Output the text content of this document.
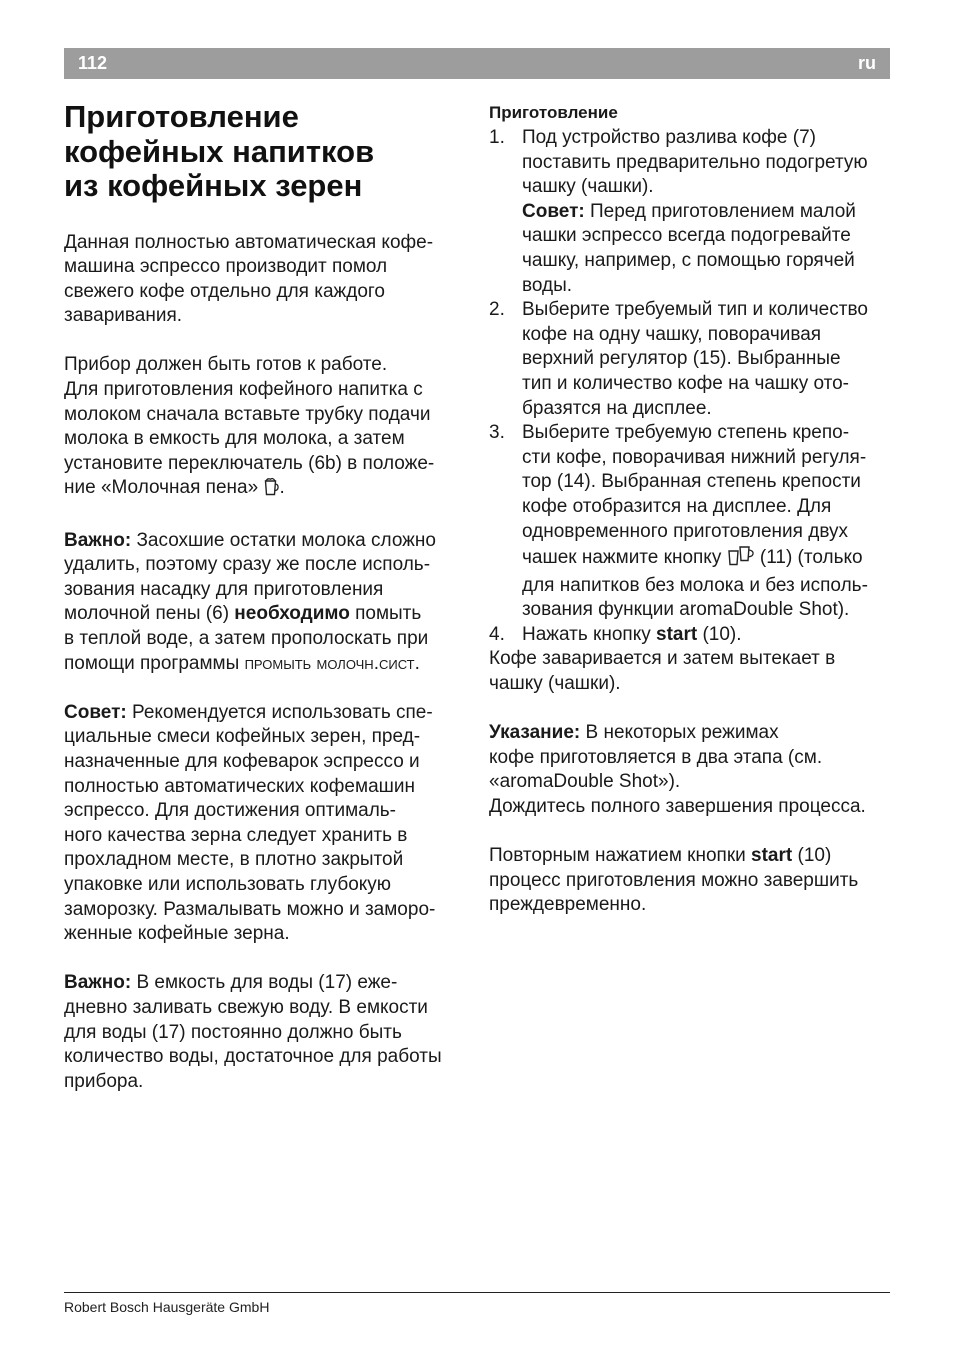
112	ru
Приготовление
кофейных напитков
из кофейных зерен
Данная полностью автоматическая кофе-
машина эспрессо производит помол
свежего кофе отдельно для каждого
заваривания.
Прибор должен быть готов к работе.
Для приготовления кофейного напитка с
молоком сначала вставьте трубку подачи
молока в емкость для молока, а затем
установите переключатель (6b) в положе-
ние «Молочная пена» .
Важно: Засохшие остатки молока сложно
удалить, поэтому сразу же после исполь-
зования насадку для приготовления
молочной пены (6) необходимо помыть
в теплой воде, а затем прополоскать при
помощи программы промыть молочн.сист.
Совет: Рекомендуется использовать спе-
циальные смеси кофейных зерен, пред-
назначенные для кофеварок эспрессо и
полностью автоматических кофемашин
эспрессо. Для достижения оптималь-
ного качества зерна следует хранить в
прохладном месте, в плотно закрытой
упаковке или использовать глубокую
заморозку. Размалывать можно и заморо-
женные кофейные зерна.
Важно: В емкость для воды (17) еже-
дневно заливать свежую воду. В емкости
для воды (17) постоянно должно быть
количество воды, достаточное для работы
прибора.
Приготовление
1. Под устройство разлива кофе (7)
поставить предварительно подогретую
чашку (чашки).
Совет: Перед приготовлением малой
чашки эспрессо всегда подогревайте
чашку, например, с помощью горячей
воды.
2. Выберите требуемый тип и количество
кофе на одну чашку, поворачивая
верхний регулятор (15). Выбранные
тип и количество кофе на чашку ото-
бразятся на дисплее.
3. Выберите требуемую степень крепо-
сти кофе, поворачивая нижний регуля-
тор (14). Выбранная степень крепости
кофе отобразится на дисплее. Для
одновременного приготовления двух
чашек нажмите кнопку  (11) (только
для напитков без молока и без исполь-
зования функции aromaDouble Shot).
4. Нажать кнопку start (10).
Кофе заваривается и затем вытекает в
чашку (чашки).
Указание: В некоторых режимах
кофе приготовляется в два этапа (см.
«aromaDouble Shot»).
Дождитесь полного завершения процесса.
Повторным нажатием кнопки start (10)
процесс приготовления можно завершить
преждевременно.
Robert Bosch Hausgeräte GmbH
